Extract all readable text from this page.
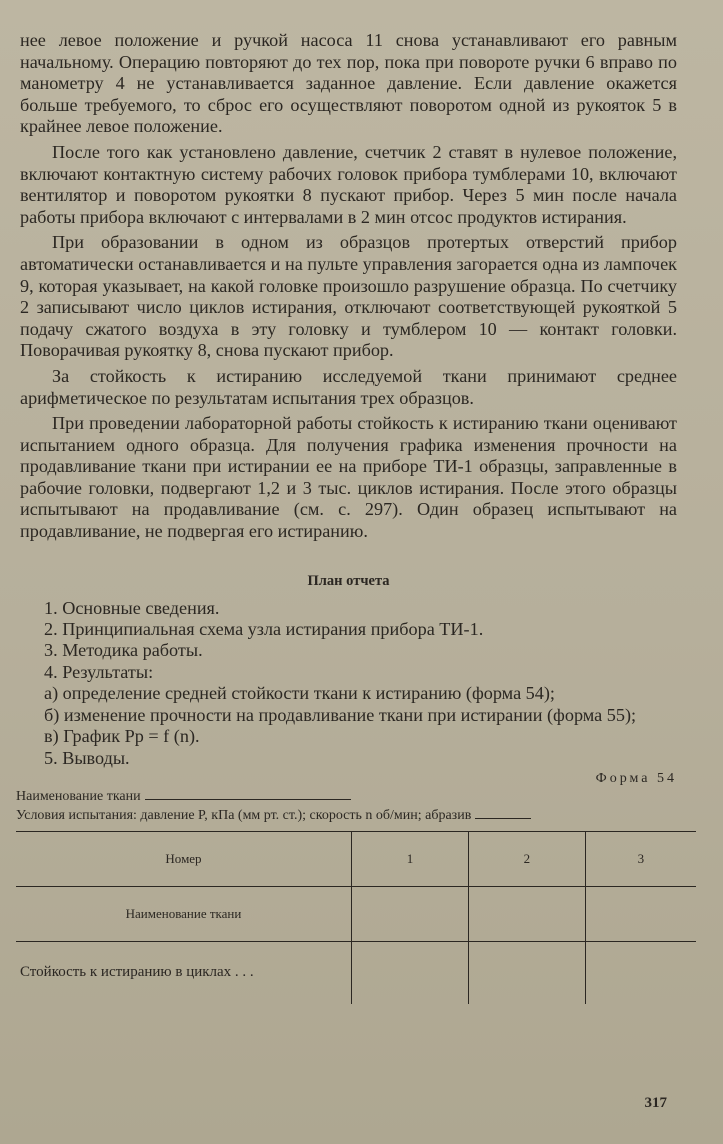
нее левое положение и ручкой насоса 11 снова устанавливают его равным начальному. Операцию повторяют до тех пор, пока при повороте ручки 6 вправо по манометру 4 не устанавливается заданное давление. Если давление окажется больше требуемого, то сброс его осуществляют поворотом одной из рукояток 5 в крайнее левое положение.

После того как установлено давление, счетчик 2 ставят в нулевое положение, включают контактную систему рабочих головок прибора тумблерами 10, включают вентилятор и поворотом рукоятки 8 пускают прибор. Через 5 мин после начала работы прибора включают с интервалами в 2 мин отсос продуктов истирания.

При образовании в одном из образцов протертых отверстий прибор автоматически останавливается и на пульте управления загорается одна из лампочек 9, которая указывает, на какой головке произошло разрушение образца. По счетчику 2 записывают число циклов истирания, отключают соответствующей рукояткой 5 подачу сжатого воздуха в эту головку и тумблером 10 — контакт головки. Поворачивая рукоятку 8, снова пускают прибор.

За стойкость к истиранию исследуемой ткани принимают среднее арифметическое по результатам испытания трех образцов.

При проведении лабораторной работы стойкость к истиранию ткани оценивают испытанием одного образца. Для получения графика изменения прочности на продавливание ткани при истирании ее на приборе ТИ-1 образцы, заправленные в рабочие головки, подвергают 1,2 и 3 тыс. циклов истирания. После этого образцы испытывают на продавливание (см. с. 297). Один образец испытывают на продавливание, не подвергая его истиранию.

План отчета
1. Основные сведения.
2. Принципиальная схема узла истирания прибора ТИ-1.
3. Методика работы.
4. Результаты:
а) определение средней стойкости ткани к истиранию (форма 54);
б) изменение прочности на продавливание ткани при истирании (форма 55);
в) График Pp = f (n).
5. Выводы.
Форма 54
Наименование ткани
Условия испытания: давление P, кПа (мм рт. ст.); скорость n об/мин; абразив
Номер	1	2	3
Наименование ткани			
Стойкость к истиранию в циклах . . .			
317
